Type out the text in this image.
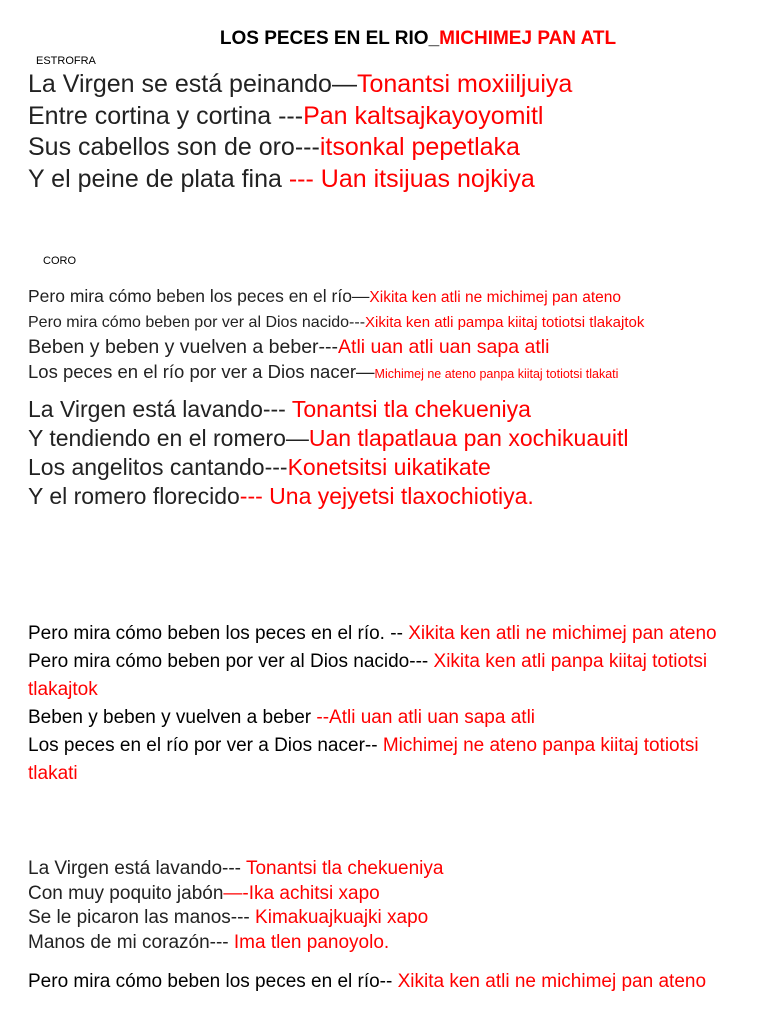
LOS PECES EN EL RIO_MICHIMEJ PAN ATL
ESTROFRA
La Virgen se está peinando—Tonantsi moxiiljuiya
Entre cortina y cortina ---Pan kaltsajkayoyomitl
Sus cabellos son de oro---itsonkal pepetlaka
Y el peine de plata fina --- Uan itsijuas nojkiya
CORO
Pero mira cómo beben los peces en el río—Xikita ken atli ne michimej pan ateno
Pero mira cómo beben por ver al Dios nacido---Xikita ken atli pampa kiitaj totiotsi tlakajtok
Beben y beben y vuelven a beber---Atli uan atli uan sapa atli
Los peces en el río por ver a Dios nacer—Michimej ne ateno panpa kiitaj totiotsi tlakati
La Virgen está lavando--- Tonantsi tla chekueniya
Y tendiendo en el romero—Uan tlapatlaua pan xochikuauitl
Los angelitos cantando---Konetsitsi uikatikate
Y el romero florecido--- Una yejyetsi tlaxochiotiya.
Pero mira cómo beben los peces en el río. -- Xikita ken atli ne michimej pan ateno
Pero mira cómo beben por ver al Dios nacido--- Xikita ken atli panpa kiitaj totiotsi tlakajtok
Beben y beben y vuelven a beber --Atli uan atli uan sapa atli
Los peces en el río por ver a Dios nacer-- Michimej ne ateno panpa kiitaj totiotsi tlakati
La Virgen está lavando--- Tonantsi tla chekueniya
Con muy poquito jabón—-Ika achitsi xapo
Se le picaron las manos--- Kimakuajkuajki xapo
Manos de mi corazón--- Ima tlen panoyolo.
Pero mira cómo beben los peces en el río-- Xikita ken atli ne michimej pan ateno
